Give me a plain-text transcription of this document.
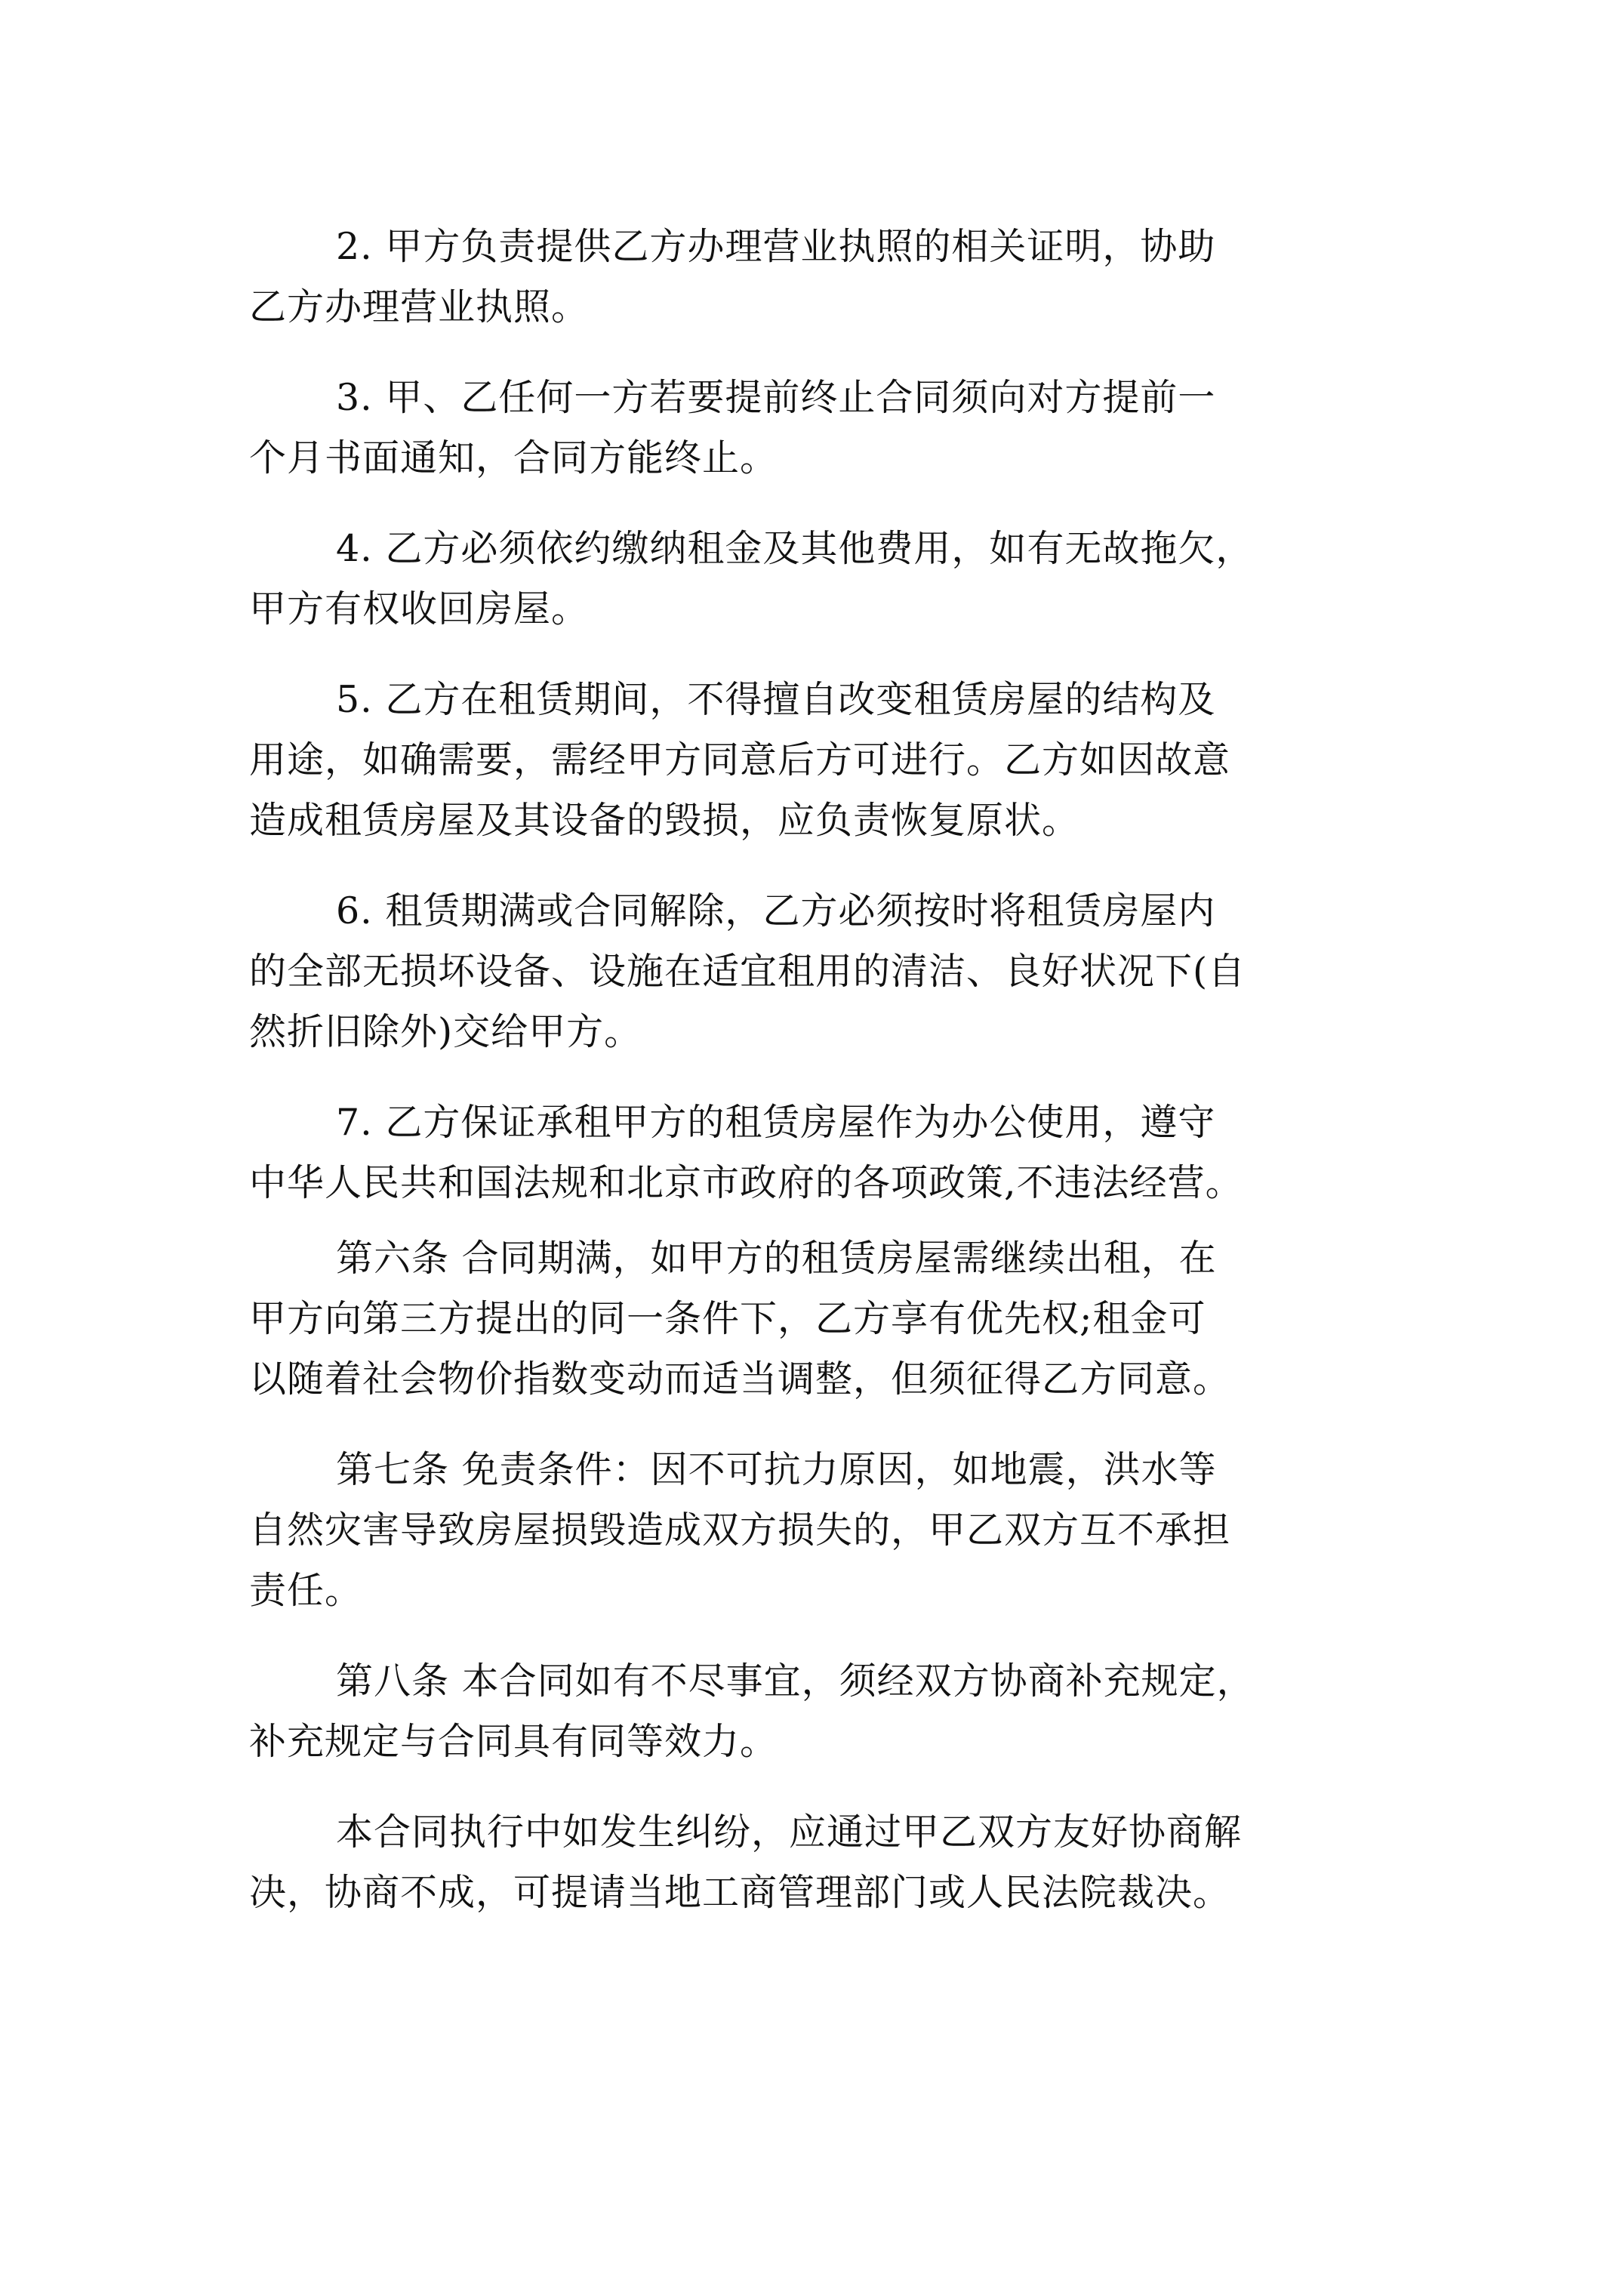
2. 甲方负责提供乙方办理营业执照的相关证明，协助
乙方办理营业执照。
3. 甲、乙任何一方若要提前终止合同须向对方提前一
个月书面通知，合同方能终止。
4. 乙方必须依约缴纳租金及其他费用，如有无故拖欠，
甲方有权收回房屋。
5. 乙方在租赁期间，不得擅自改变租赁房屋的结构及
用途，如确需要，需经甲方同意后方可进行。乙方如因故意
造成租赁房屋及其设备的毁损，应负责恢复原状。
6. 租赁期满或合同解除，乙方必须按时将租赁房屋内
的全部无损坏设备、设施在适宜租用的清洁、良好状况下(自
然折旧除外)交给甲方。
7. 乙方保证承租甲方的租赁房屋作为办公使用，遵守
中华人民共和国法规和北京市政府的各项政策,不违法经营。
第六条 合同期满，如甲方的租赁房屋需继续出租，在
甲方向第三方提出的同一条件下，乙方享有优先权;租金可
以随着社会物价指数变动而适当调整，但须征得乙方同意。
第七条 免责条件：因不可抗力原因，如地震，洪水等
自然灾害导致房屋损毁造成双方损失的，甲乙双方互不承担
责任。
第八条 本合同如有不尽事宜，须经双方协商补充规定，
补充规定与合同具有同等效力。
本合同执行中如发生纠纷，应通过甲乙双方友好协商解
决，协商不成，可提请当地工商管理部门或人民法院裁决。
